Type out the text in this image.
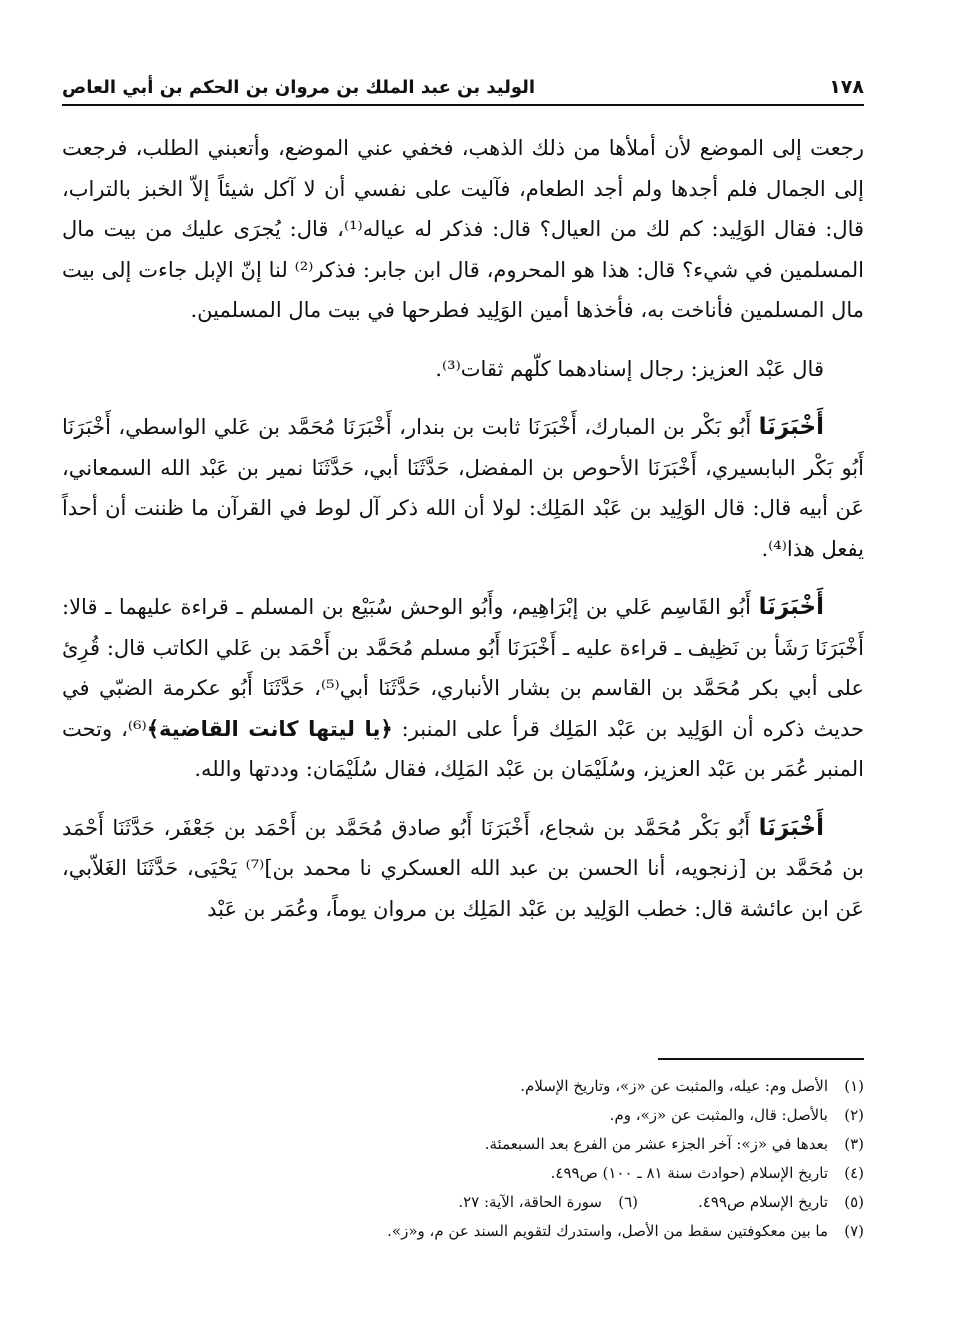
١٧٨
الوليد بن عبد الملك بن مروان بن الحكم بن أبي العاص

رجعت إلى الموضع لأن أملأها من ذلك الذهب، فخفي عني الموضع، وأتعبني الطلب، فرجعت إلى الجمال فلم أجدها ولم أجد الطعام، فآليت على نفسي أن لا آكل شيئاً إلاّ الخبز بالتراب، قال: فقال الوَلِيد: كم لك من العيال؟ قال: فذكر له عياله⁽¹⁾، قال: يُجرَى عليك من بيت مال المسلمين في شيء؟ قال: هذا هو المحروم، قال ابن جابر: فذكر⁽²⁾ لنا إنّ الإبل جاءت إلى بيت مال المسلمين فأناخت به، فأخذها أمين الوَلِيد فطرحها في بيت مال المسلمين.

قال عَبْد العزيز: رجال إسنادهما كلّهم ثقات⁽³⁾.

أَخْبَرَنَا أَبُو بَكْر بن المبارك، أَخْبَرَنَا ثابت بن بندار، أَخْبَرَنَا مُحَمَّد بن عَلي الواسطي، أَخْبَرَنَا أَبُو بَكْر البابسيري، أَخْبَرَنَا الأحوص بن المفضل، حَدَّثَنَا أبي، حَدَّثَنَا نمير بن عَبْد الله السمعاني، عَن أبيه قال: قال الوَلِيد بن عَبْد المَلِك: لولا أن الله ذكر آل لوط في القرآن ما ظننت أن أحداً يفعل هذا⁽⁴⁾.

أَخْبَرَنَا أَبُو القَاسِم عَلي بن إبْرَاهِيم، وأَبُو الوحش سُبَيْع بن المسلم ـ قراءة عليهما ـ قالا: أَخْبَرَنَا رَشَأ بن نَظِيف ـ قراءة عليه ـ أَخْبَرَنَا أَبُو مسلم مُحَمَّد بن أَحْمَد بن عَلي الكاتب قال: قُرِئ على أبي بكر مُحَمَّد بن القاسم بن بشار الأنباري، حَدَّثَنَا أبي⁽⁵⁾، حَدَّثَنَا أَبُو عكرمة الضبّي في حديث ذكره أن الوَلِيد بن عَبْد المَلِك قرأ على المنبر: ﴿يا ليتها كانت القاضية﴾⁽⁶⁾، وتحت المنبر عُمَر بن عَبْد العزيز، وسُلَيْمَان بن عَبْد المَلِك، فقال سُلَيْمَان: وددتها والله.

أَخْبَرَنَا أَبُو بَكْر مُحَمَّد بن شجاع، أَخْبَرَنَا أَبُو صادق مُحَمَّد بن أَحْمَد بن جَعْفَر، حَدَّثَنَا أَحْمَد بن مُحَمَّد بن [زنجويه، أنا الحسن بن عبد الله العسكري نا محمد بن]⁽⁷⁾ يَحْيَى، حَدَّثَنَا الغَلاّبي، عَن ابن عائشة قال: خطب الوَلِيد بن عَبْد المَلِك بن مروان يوماً، وعُمَر بن عَبْد

(١)
الأصل وم: عيله، والمثبت عن «ز»، وتاريخ الإسلام.
(٢)
بالأصل: قال، والمثبت عن «ز»، وم.
(٣)
بعدها في «ز»: آخر الجزء عشر من الفرع بعد السبعمئة.
(٤)
تاريخ الإسلام (حوادث سنة ٨١ ـ ١٠٠) ص٤٩٩.
(٥)
تاريخ الإسلام ص٤٩٩.
(٦)
سورة الحاقة، الآية: ٢٧.
(٧)
ما بين معكوفتين سقط من الأصل، واستدرك لتقويم السند عن م، و«ز».
